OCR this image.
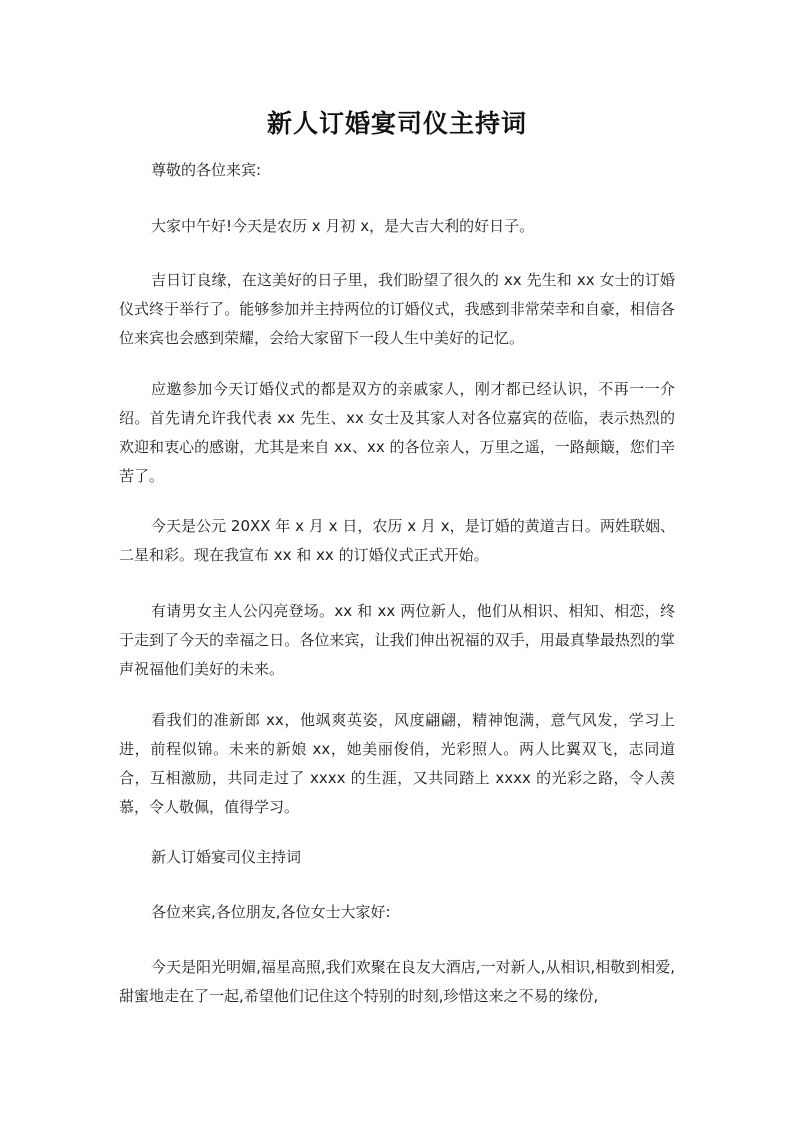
新人订婚宴司仪主持词

尊敬的各位来宾:

大家中午好!今天是农历 x 月初 x，是大吉大利的好日子。

吉日订良缘，在这美好的日子里，我们盼望了很久的 xx 先生和 xx 女士的订婚仪式终于举行了。能够参加并主持两位的订婚仪式，我感到非常荣幸和自豪，相信各位来宾也会感到荣耀，会给大家留下一段人生中美好的记忆。

应邀参加今天订婚仪式的都是双方的亲戚家人，刚才都已经认识，不再一一介绍。首先请允许我代表 xx 先生、xx 女士及其家人对各位嘉宾的莅临，表示热烈的欢迎和衷心的感谢，尤其是来自 xx、xx 的各位亲人，万里之遥，一路颠簸，您们辛苦了。

今天是公元 20XX 年 x 月 x 日，农历 x 月 x，是订婚的黄道吉日。两姓联姻、二星和彩。现在我宣布 xx 和 xx 的订婚仪式正式开始。

有请男女主人公闪亮登场。xx 和 xx 两位新人，他们从相识、相知、相恋，终于走到了今天的幸福之日。各位来宾，让我们伸出祝福的双手，用最真挚最热烈的掌声祝福他们美好的未来。

看我们的准新郎 xx，他飒爽英姿，风度翩翩，精神饱满，意气风发，学习上进，前程似锦。未来的新娘 xx，她美丽俊俏，光彩照人。两人比翼双飞，志同道合，互相激励，共同走过了 xxxx 的生涯，又共同踏上 xxxx 的光彩之路，令人羡慕，令人敬佩，值得学习。

新人订婚宴司仪主持词

各位来宾,各位朋友,各位女士大家好:

今天是阳光明媚,福星高照,我们欢聚在良友大酒店,一对新人,从相识,相敬到相爱,甜蜜地走在了一起,希望他们记住这个特别的时刻,珍惜这来之不易的缘份,
